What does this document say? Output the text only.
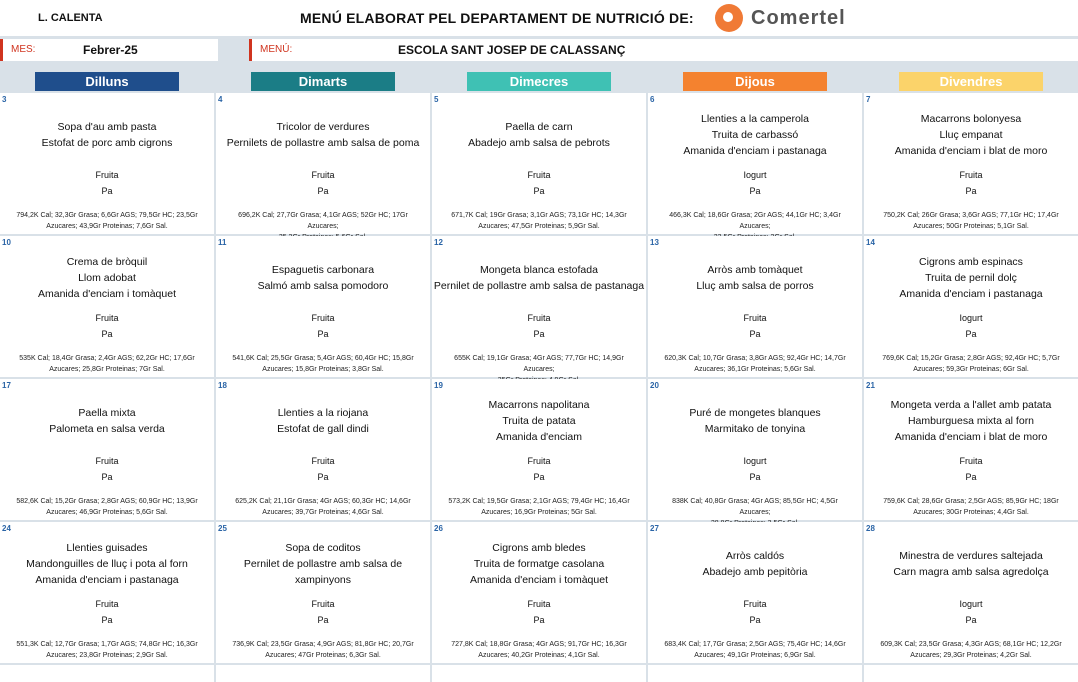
L. CALENTA	MENÚ ELABORAT PEL DEPARTAMENT DE NUTRICIÓ DE:	Comertel
MES:	Febrer-25	MENÚ:	ESCOLA SANT JOSEP DE CALASSANÇ
Dilluns	Dimarts	Dimecres	Dijous	Divendres
3
Sopa d'au amb pasta
Estofat de porc amb cigrons
Fruita
Pa
794,2K Cal; 32,3Gr Grasa; 6,6Gr AGS; 79,5Gr HC; 23,5Gr
Azucares; 43,9Gr Proteinas; 7,6Gr Sal.
4
Tricolor de verdures
Pernilets de pollastre amb salsa de poma
Fruita
Pa
696,2K Cal; 27,7Gr Grasa; 4,1Gr AGS; 52Gr HC; 17Gr Azucares;
5
Paella de carn
Abadejo amb salsa de pebrots
Fruita
Pa
671,7K Cal; 19Gr Grasa; 3,1Gr AGS; 73,1Gr HC; 14,3Gr
Azucares; 47,5Gr Proteinas; 5,9Gr Sal.
6
Llenties a la camperola
Truita de carbassó
Amanida d'enciam i pastanaga
Iogurt
Pa
466,3K Cal; 18,6Gr Grasa; 2Gr AGS; 44,1Gr HC; 3,4Gr Azucares;
7
Macarrons bolonyesa
Lluç empanat
Amanida d'enciam i blat de moro
Fruita
Pa
750,2K Cal; 26Gr Grasa; 3,6Gr AGS; 77,1Gr HC; 17,4Gr
Azucares; 50Gr Proteinas; 5,1Gr Sal.
10
Crema de bròquil
Llom adobat
Amanida d'enciam i tomàquet
Fruita
Pa
535K Cal; 18,4Gr Grasa; 2,4Gr AGS; 62,2Gr HC; 17,6Gr
Azucares; 25,8Gr Proteinas; 7Gr Sal.
11
Espaguetis carbonara
Salmó amb salsa pomodoro
Fruita
Pa
541,6K Cal; 25,5Gr Grasa; 5,4Gr AGS; 60,4Gr HC; 15,8Gr
Azucares; 15,8Gr Proteinas; 3,8Gr Sal.
12
Mongeta blanca estofada
Pernilet de pollastre amb salsa de pastanaga
Fruita
Pa
655K Cal; 19,1Gr Grasa; 4Gr AGS; 77,7Gr HC; 14,9Gr Azucares;
13
Arròs amb tomàquet
Lluç amb salsa de porros
Fruita
Pa
620,3K Cal; 10,7Gr Grasa; 3,8Gr AGS; 92,4Gr HC; 14,7Gr
Azucares; 36,1Gr Proteinas; 5,6Gr Sal.
14
Cigrons amb espinacs
Truita de pernil dolç
Amanida d'enciam i pastanaga
Iogurt
Pa
769,6K Cal; 15,2Gr Grasa; 2,8Gr AGS; 92,4Gr HC; 5,7Gr
Azucares; 59,3Gr Proteinas; 6Gr Sal.
17
Paella mixta
Palometa en salsa verda
Fruita
Pa
582,6K Cal; 15,2Gr Grasa; 2,8Gr AGS; 60,9Gr HC; 13,9Gr
Azucares; 46,9Gr Proteinas; 5,6Gr Sal.
18
Llenties a la riojana
Estofat de gall dindi
Fruita
Pa
625,2K Cal; 21,1Gr Grasa; 4Gr AGS; 60,3Gr HC; 14,6Gr
Azucares; 39,7Gr Proteinas; 4,6Gr Sal.
19
Macarrons napolitana
Truita de patata
Amanida d'enciam
Fruita
Pa
573,2K Cal; 19,5Gr Grasa; 2,1Gr AGS; 79,4Gr HC; 16,4Gr
Azucares; 16,9Gr Proteinas; 5Gr Sal.
20
Puré de mongetes blanques
Marmitako de tonyina
Iogurt
Pa
838K Cal; 40,8Gr Grasa; 4Gr AGS; 85,5Gr HC; 4,5Gr Azucares;
21
Mongeta verda a l'allet amb patata
Hamburguesa mixta al forn
Amanida d'enciam i blat de moro
Fruita
Pa
759,6K Cal; 28,6Gr Grasa; 2,5Gr AGS; 85,9Gr HC; 18Gr
Azucares; 30Gr Proteinas; 4,4Gr Sal.
24
Llenties guisades
Mandonguilles de lluç i pota al forn
Amanida d'enciam i pastanaga
Fruita
Pa
551,3K Cal; 12,7Gr Grasa; 1,7Gr AGS; 74,8Gr HC; 16,3Gr
Azucares; 23,8Gr Proteinas; 2,9Gr Sal.
25
Sopa de coditos
Pernilet de pollastre amb salsa de
xampinyons
Fruita
Pa
736,9K Cal; 23,5Gr Grasa; 4,9Gr AGS; 81,8Gr HC; 20,7Gr
Azucares; 47Gr Proteinas; 6,3Gr Sal.
26
Cigrons amb bledes
Truita de formatge casolana
Amanida d'enciam i tomàquet
Fruita
Pa
727,8K Cal; 18,8Gr Grasa; 4Gr AGS; 91,7Gr HC; 16,3Gr
Azucares; 40,2Gr Proteinas; 4,1Gr Sal.
27
Arròs caldós
Abadejo amb pepitòria
Fruita
Pa
683,4K Cal; 17,7Gr Grasa; 2,5Gr AGS; 75,4Gr HC; 14,6Gr
Azucares; 49,1Gr Proteinas; 6,9Gr Sal.
28
Minestra de verdures saltejada
Carn magra amb salsa agredolça
Iogurt
Pa
609,3K Cal; 23,5Gr Grasa; 4,3Gr AGS; 68,1Gr HC; 12,2Gr
Azucares; 29,3Gr Proteinas; 4,2Gr Sal.
